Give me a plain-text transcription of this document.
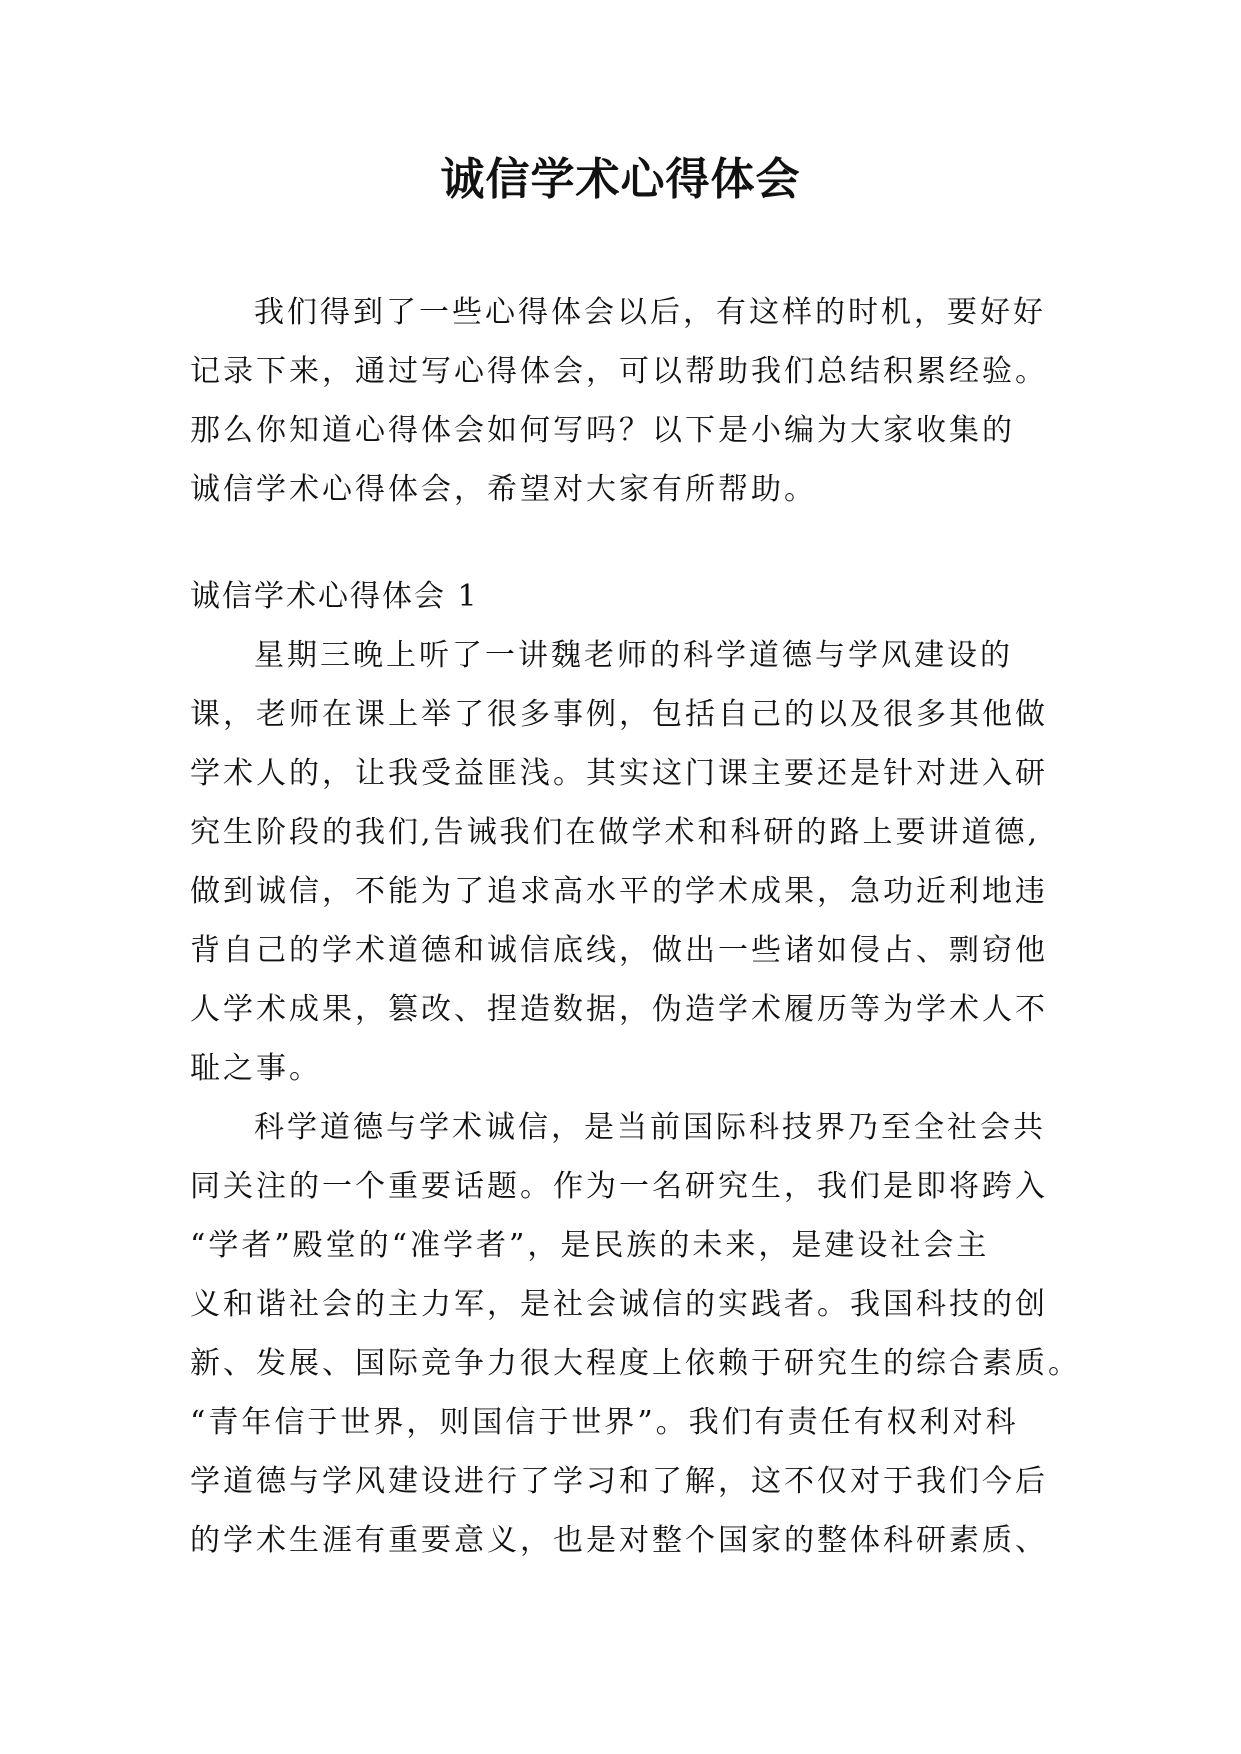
诚信学术心得体会
我们得到了一些心得体会以后，有这样的时机，要好好
记录下来，通过写心得体会，可以帮助我们总结积累经验。
那么你知道心得体会如何写吗？以下是小编为大家收集的
诚信学术心得体会，希望对大家有所帮助。
诚信学术心得体会 1
星期三晚上听了一讲魏老师的科学道德与学风建设的
课，老师在课上举了很多事例，包括自己的以及很多其他做
学术人的，让我受益匪浅。其实这门课主要还是针对进入研
究生阶段的我们,告诫我们在做学术和科研的路上要讲道德,
做到诚信，不能为了追求高水平的学术成果，急功近利地违
背自己的学术道德和诚信底线，做出一些诸如侵占、剽窃他
人学术成果，篡改、捏造数据，伪造学术履历等为学术人不
耻之事。
科学道德与学术诚信，是当前国际科技界乃至全社会共
同关注的一个重要话题。作为一名研究生，我们是即将跨入
“学者”殿堂的“准学者”，是民族的未来，是建设社会主
义和谐社会的主力军，是社会诚信的实践者。我国科技的创
新、发展、国际竞争力很大程度上依赖于研究生的综合素质。
“青年信于世界，则国信于世界”。我们有责任有权利对科
学道德与学风建设进行了学习和了解，这不仅对于我们今后
的学术生涯有重要意义，也是对整个国家的整体科研素质、
